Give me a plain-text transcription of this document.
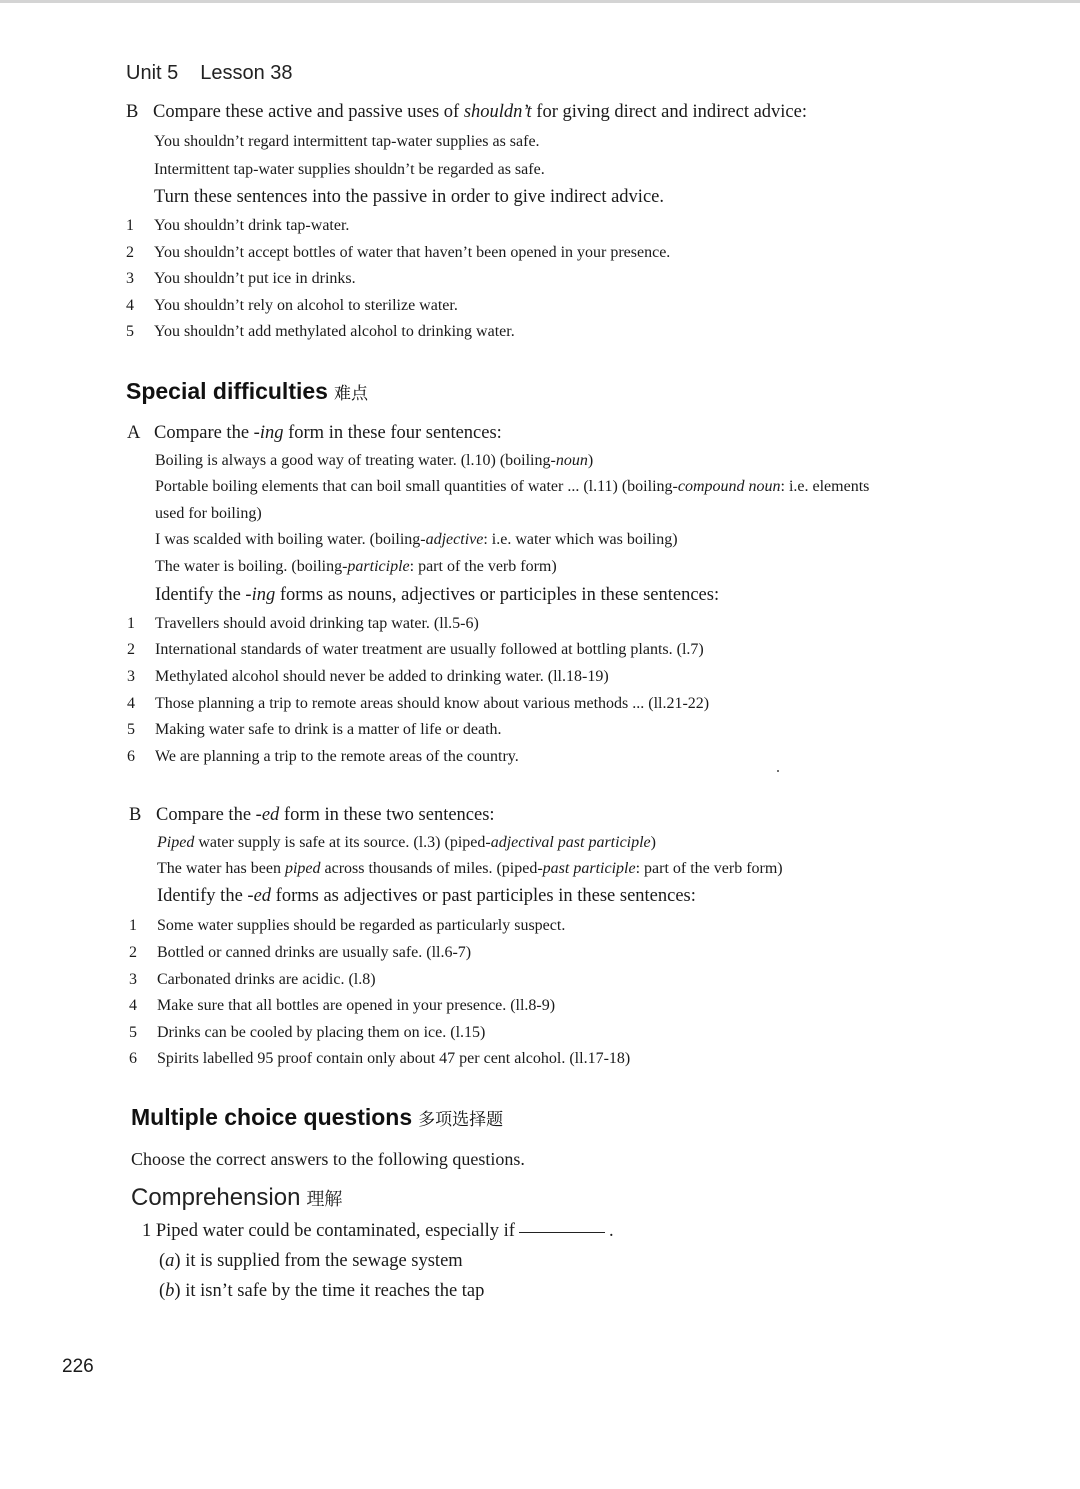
Unit 5 Lesson 38
B Compare these active and passive uses of shouldn’t for giving direct and indirect advice:
You shouldn’t regard intermittent tap-water supplies as safe.
Intermittent tap-water supplies shouldn’t be regarded as safe.
Turn these sentences into the passive in order to give indirect advice.
1 You shouldn’t drink tap-water.
2 You shouldn’t accept bottles of water that haven’t been opened in your presence.
3 You shouldn’t put ice in drinks.
4 You shouldn’t rely on alcohol to sterilize water.
5 You shouldn’t add methylated alcohol to drinking water.
Special difficulties 难点
A Compare the -ing form in these four sentences:
Boiling is always a good way of treating water. (l.10) (boiling-noun)
Portable boiling elements that can boil small quantities of water ... (l.11) (boiling-compound noun: i.e. elements
used for boiling)
I was scalded with boiling water. (boiling-adjective: i.e. water which was boiling)
The water is boiling. (boiling-participle: part of the verb form)
Identify the -ing forms as nouns, adjectives or participles in these sentences:
1 Travellers should avoid drinking tap water. (ll.5-6)
2 International standards of water treatment are usually followed at bottling plants. (l.7)
3 Methylated alcohol should never be added to drinking water. (ll.18-19)
4 Those planning a trip to remote areas should know about various methods ... (ll.21-22)
5 Making water safe to drink is a matter of life or death.
6 We are planning a trip to the remote areas of the country.
B Compare the -ed form in these two sentences:
Piped water supply is safe at its source. (l.3) (piped-adjectival past participle)
The water has been piped across thousands of miles. (piped-past participle: part of the verb form)
Identify the -ed forms as adjectives or past participles in these sentences:
1 Some water supplies should be regarded as particularly suspect.
2 Bottled or canned drinks are usually safe. (ll.6-7)
3 Carbonated drinks are acidic. (l.8)
4 Make sure that all bottles are opened in your presence. (ll.8-9)
5 Drinks can be cooled by placing them on ice. (l.15)
6 Spirits labelled 95 proof contain only about 47 per cent alcohol. (ll.17-18)
Multiple choice questions 多项选择题
Choose the correct answers to the following questions.
Comprehension 理解
1 Piped water could be contaminated, especially if	.
(a) it is supplied from the sewage system
(b) it isn’t safe by the time it reaches the tap
226
